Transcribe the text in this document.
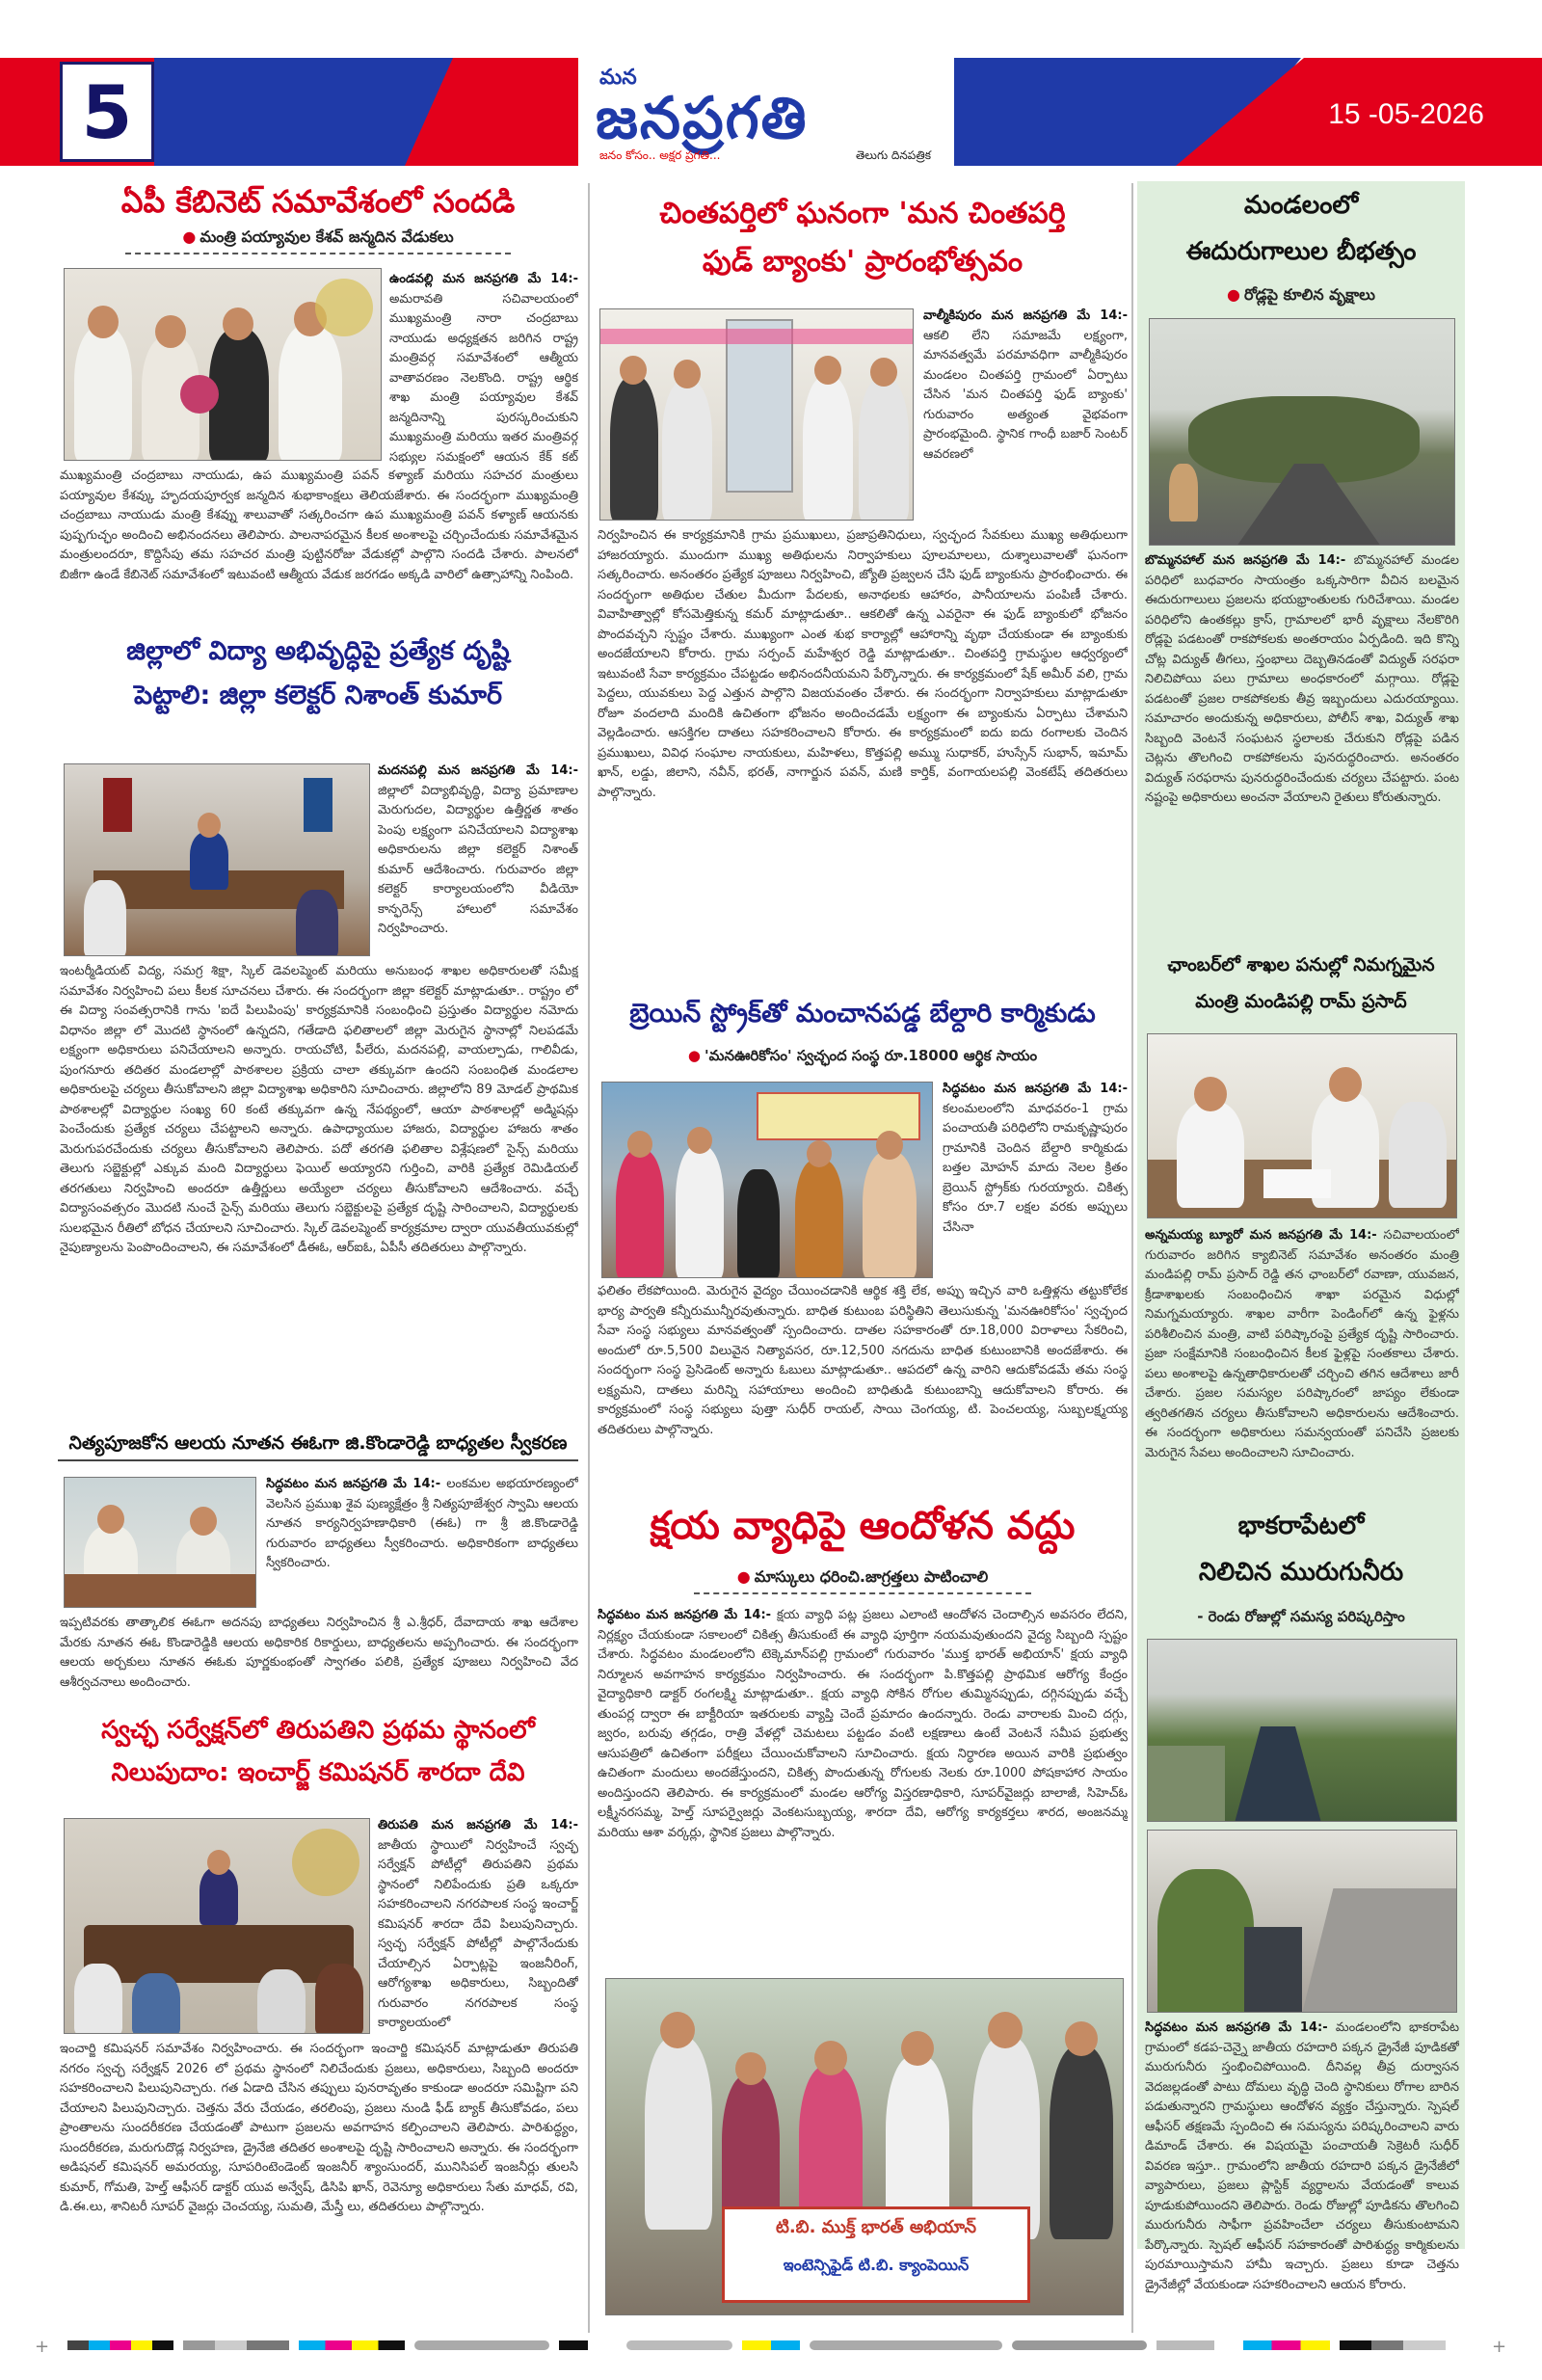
5	మన
జనప్రగతి
జనం కోసం.. అక్షర ప్రగతి...	తెలుగు దినపత్రిక
15 -05-2026
ఏపీ కేబినెట్ సమావేశంలో సందడి
● మంత్రి పయ్యావుల కేశవ్ జన్మదిన వేడుకలు
ఉండవల్లి మన జనప్రగతి మే 14:- అమరావతి సచివాలయంలో ముఖ్యమంత్రి నారా చంద్రబాబు నాయుడు అధ్యక్షతన జరిగిన రాష్ట్ర మంత్రివర్గ సమావేశంలో ఆత్మీయ వాతావరణం నెలకొంది. రాష్ట్ర ఆర్థిక శాఖ మంత్రి పయ్యావుల కేశవ్ జన్మదినాన్ని పురస్కరించుకుని ముఖ్యమంత్రి మరియు ఇతర మంత్రివర్గ సభ్యుల సమక్షంలో ఆయన కేక్ కట్
ముఖ్యమంత్రి చంద్రబాబు నాయుడు, ఉప ముఖ్యమంత్రి పవన్ కళ్యాణ్ మరియు సహచర మంత్రులు పయ్యావుల కేశవ్కు హృదయపూర్వక జన్మదిన శుభాకాంక్షలు తెలియజేశారు. ఈ సందర్భంగా ముఖ్యమంత్రి చంద్రబాబు నాయుడు మంత్రి కేశవ్ను శాలువాతో సత్కరించగా ఉప ముఖ్యమంత్రి పవన్ కళ్యాణ్ ఆయనకు పుష్పగుచ్ఛం అందించి అభినందనలు తెలిపారు. పాలనాపరమైన కీలక అంశాలపై చర్చించేందుకు సమావేశమైన మంత్రులందరూ, కొద్దిసేపు తమ సహచర మంత్రి పుట్టినరోజు వేడుకల్లో పాల్గొని సందడి చేశారు. పాలనలో బిజీగా ఉండే కేబినెట్ సమావేశంలో ఇటువంటి ఆత్మీయ వేడుక జరగడం అక్కడి వారిలో ఉత్సాహాన్ని నింపింది.
జిల్లాలో విద్యా అభివృద్ధిపై ప్రత్యేక దృష్టి
పెట్టాలి: జిల్లా కలెక్టర్ నిశాంత్ కుమార్
మదనపల్లి మన జనప్రగతి మే 14:- జిల్లాలో విద్యాభివృద్ధి, విద్యా ప్రమాణాల మెరుగుదల, విద్యార్థుల ఉత్తీర్ణత శాతం పెంపు లక్ష్యంగా పనిచేయాలని విద్యాశాఖ అధికారులను జిల్లా కలెక్టర్ నిశాంత్ కుమార్ ఆదేశించారు. గురువారం జిల్లా కలెక్టర్ కార్యాలయంలోని వీడియో కాన్ఫరెన్స్ హాలులో సమావేశం నిర్వహించారు.
ఇంటర్మీడియట్ విద్య, సమగ్ర శిక్షా, స్కిల్ డెవలప్మెంట్ మరియు అనుబంధ శాఖల అధికారులతో సమీక్ష సమావేశం నిర్వహించి పలు కీలక సూచనలు చేశారు. ఈ సందర్భంగా జిల్లా కలెక్టర్ మాట్లాడుతూ.. రాష్ట్రం లో ఈ విద్యా సంవత్సరానికి గాను 'ఐదే పిలుపింపు' కార్యక్రమానికి సంబంధించి ప్రస్తుతం విద్యార్థుల నమోదు విధానం జిల్లా లో మొదటి స్థానంలో ఉన్నదని, గతేడాది ఫలితాలలో జిల్లా మెరుగైన స్థానాల్లో నిలపడమే లక్ష్యంగా అధికారులు పనిచేయాలని అన్నారు. రాయచోటి, పీలేరు, మదనపల్లి, వాయల్పాడు, గాలివీడు, పుంగనూరు తదితర మండలాల్లో పాఠశాలల ప్రక్రియ చాలా తక్కువగా ఉందని సంబంధిత మండలాల అధికారులపై చర్యలు తీసుకోవాలని జిల్లా విద్యాశాఖ అధికారిని సూచించారు. జిల్లాలోని 89 మోడల్ ప్రాథమిక పాఠశాలల్లో విద్యార్థుల సంఖ్య 60 కంటే తక్కువగా ఉన్న నేపథ్యంలో, ఆయా పాఠశాలల్లో అడ్మిషన్లు పెంచేందుకు ప్రత్యేక చర్యలు చేపట్టాలని అన్నారు. ఉపాధ్యాయుల హాజరు, విద్యార్థుల హాజరు శాతం మెరుగుపరచేందుకు చర్యలు తీసుకోవాలని తెలిపారు. పదో తరగతి ఫలితాల విశ్లేషణలో సైన్స్ మరియు తెలుగు సబ్జెక్టుల్లో ఎక్కువ మంది విద్యార్థులు ఫెయిల్ అయ్యారని గుర్తించి, వారికి ప్రత్యేక రెమిడియల్ తరగతులు నిర్వహించి అందరూ ఉత్తీర్ణులు అయ్యేలా చర్యలు తీసుకోవాలని ఆదేశించారు. వచ్చే విద్యాసంవత్సరం మొదటి నుంచే సైన్స్ మరియు తెలుగు సబ్జెక్టులపై ప్రత్యేక దృష్టి సారించాలని, విద్యార్థులకు సులభమైన రీతిలో బోధన చేయాలని సూచించారు. స్కిల్ డెవలప్మెంట్ కార్యక్రమాల ద్వారా యువతీయువకుల్లో నైపుణ్యాలను పెంపొందించాలని, ఈ సమావేశంలో డీఈఓ, ఆర్ఐఓ, ఏపీసీ తదితరులు పాల్గొన్నారు.
నిత్యపూజకోన ఆలయ నూతన ఈఓగా జి.కొండారెడ్డి బాధ్యతల స్వీకరణ
సిద్ధవటం మన జనప్రగతి మే 14:- లంకమల అభయారణ్యంలో వెలసిన ప్రముఖ శైవ పుణ్యక్షేత్రం శ్రీ నిత్యపూజేశ్వర స్వామి ఆలయ నూతన కార్యనిర్వహణాధికారి (ఈఓ) గా శ్రీ జి.కొండారెడ్డి గురువారం బాధ్యతలు స్వీకరించారు. అధికారికంగా బాధ్యతలు స్వీకరించారు.
ఇప్పటివరకు తాత్కాలిక ఈఓగా అదనపు బాధ్యతలు నిర్వహించిన శ్రీ ఎ.శ్రీధర్, దేవాదాయ శాఖ ఆదేశాల మేరకు నూతన ఈఓ కొండారెడ్డికి ఆలయ అధికారిక రికార్డులు, బాధ్యతలను అప్పగించారు. ఈ సందర్భంగా ఆలయ అర్చకులు నూతన ఈఓకు పూర్ణకుంభంతో స్వాగతం పలికి, ప్రత్యేక పూజలు నిర్వహించి వేద ఆశీర్వచనాలు అందించారు.
స్వచ్ఛ సర్వేక్షన్‌లో తిరుపతిని ప్రథమ స్థానంలో
నిలుపుదాం: ఇంచార్జ్ కమిషనర్ శారదా దేవి
తిరుపతి మన జనప్రగతి మే 14:- జాతీయ స్థాయిలో నిర్వహించే స్వచ్ఛ సర్వేక్షన్ పోటీల్లో తిరుపతిని ప్రథమ స్థానంలో నిలిపేందుకు ప్రతి ఒక్కరూ సహకరించాలని నగరపాలక సంస్థ ఇంచార్జ్ కమిషనర్ శారదా దేవి పిలుపునిచ్చారు. స్వచ్ఛ సర్వేక్షన్ పోటీల్లో పాల్గొనేందుకు చేయాల్సిన ఏర్పాట్లపై ఇంజనీరింగ్, ఆరోగ్యశాఖ అధికారులు, సిబ్బందితో గురువారం నగరపాలక సంస్థ కార్యాలయంలో
ఇంచార్జి కమిషనర్ సమావేశం నిర్వహించారు. ఈ సందర్భంగా ఇంచార్జి కమిషనర్ మాట్లాడుతూ తిరుపతి నగరం స్వచ్ఛ సర్వేక్షన్ 2026 లో ప్రథమ స్థానంలో నిలిచేందుకు ప్రజలు, అధికారులు, సిబ్బంది అందరూ సహకరించాలని పిలుపునిచ్చారు. గత ఏడాది చేసిన తప్పులు పునరావృతం కాకుండా అందరూ సమిష్టిగా పని చేయాలని పిలుపునిచ్చారు. చెత్తను వేరు చేయడం, తరలింపు, ప్రజలు నుండి ఫీడ్ బ్యాక్ తీసుకోవడం, పలు ప్రాంతాలను సుందరీకరణ చేయడంతో పాటుగా ప్రజలను అవగాహన కల్పించాలని తెలిపారు. పారిశుద్ధ్యం, సుందరీకరణ, మరుగుదొడ్ల నిర్వహణ, డ్రైనేజి తదితర అంశాలపై దృష్టి సారించాలని అన్నారు. ఈ సందర్భంగా అడిషనల్ కమిషనర్ అమరయ్య, సూపరింటెండెంట్ ఇంజనీర్ శ్యాంసుందర్, మునిసిపల్ ఇంజనీర్లు తులసి కుమార్, గోమతి, హెల్త్ ఆఫీసర్ డాక్టర్ యువ అన్వేష్, డిసిపి ఖాన్, రెవెన్యూ అధికారులు సేతు మాధవ్, రవి, డి.ఈ.లు, శానిటరీ సూపర్ వైజర్లు చెంచయ్య, సుమతి, మేస్త్రీ లు, తదితరులు పాల్గొన్నారు.
చింతపర్తిలో ఘనంగా 'మన చింతపర్తి
ఫుడ్ బ్యాంకు' ప్రారంభోత్సవం
వాల్మీకిపురం మన జనప్రగతి మే 14:- ఆకలి లేని సమాజమే లక్ష్యంగా, మానవత్వమే పరమావధిగా వాల్మీకిపురం మండలం చింతపర్తి గ్రామంలో ఏర్పాటు చేసిన 'మన చింతపర్తి ఫుడ్ బ్యాంకు' గురువారం అత్యంత వైభవంగా ప్రారంభమైంది. స్థానిక గాంధీ బజార్ సెంటర్ ఆవరణలో
నిర్వహించిన ఈ కార్యక్రమానికి గ్రామ ప్రముఖులు, ప్రజాప్రతినిధులు, స్వచ్ఛంద సేవకులు ముఖ్య అతిథులుగా హాజరయ్యారు. ముందుగా ముఖ్య అతిథులను నిర్వాహకులు పూలమాలలు, దుశ్శాలువాలతో ఘనంగా సత్కరించారు. అనంతరం ప్రత్యేక పూజలు నిర్వహించి, జ్యోతి ప్రజ్వలన చేసి ఫుడ్ బ్యాంకును ప్రారంభించారు. ఈ సందర్భంగా అతిథుల చేతుల మీదుగా పేదలకు, అనాథలకు ఆహారం, పానీయాలను పంపిణీ చేశారు. వివాహిత్వాల్లో కోసమెత్తికున్న కమర్ మాట్లాడుతూ.. ఆకలితో ఉన్న ఎవరైనా ఈ ఫుడ్ బ్యాంకులో భోజనం పొందవచ్చని స్పష్టం చేశారు. ముఖ్యంగా ఎంత శుభ కార్యాల్లో ఆహారాన్ని వృథా చేయకుండా ఈ బ్యాంకుకు అందజేయాలని కోరారు. గ్రామ సర్పంచ్ మహేశ్వర రెడ్డి మాట్లాడుతూ.. చింతపర్తి గ్రామస్థుల ఆధ్వర్యంలో ఇటువంటి సేవా కార్యక్రమం చేపట్టడం అభినందనీయమని పేర్కొన్నారు. ఈ కార్యక్రమంలో షేక్ అమీర్ వలి, గ్రామ పెద్దలు, యువకులు పెద్ద ఎత్తున పాల్గొని విజయవంతం చేశారు. ఈ సందర్భంగా నిర్వాహకులు మాట్లాడుతూ రోజూ వందలాది మందికి ఉచితంగా భోజనం అందించడమే లక్ష్యంగా ఈ బ్యాంకును ఏర్పాటు చేశామని వెల్లడించారు. ఆసక్తిగల దాతలు సహకరించాలని కోరారు. ఈ కార్యక్రమంలో ఐదు ఐదు రంగాలకు చెందిన ప్రముఖులు, వివిధ సంఘాల నాయకులు, మహిళలు, కొత్తపల్లి అమ్ము సుధాకర్, హుస్సేన్ సుభాన్, ఇమామ్ ఖాన్, లడ్డు, జిలాని, నవీన్, భరత్, నాగార్జున పవన్, మణి కార్తిక్, వంగాయలపల్లి వెంకటేష్ తదితరులు పాల్గొన్నారు.
బ్రెయిన్ స్ట్రోక్‌తో మంచానపడ్డ బేల్దారి కార్మికుడు
● 'మనఊరికోసం' స్వచ్ఛంద సంస్థ రూ.18000 ఆర్థిక సాయం
సిద్ధవటం మన జనప్రగతి మే 14:- కలంమలంలోని మాధవరం-1 గ్రామ పంచాయతీ పరిధిలోని రామకృష్ణాపురం గ్రామానికి చెందిన బేల్దారి కార్మికుడు బత్తల మోహన్ మాదు నెలల క్రితం బ్రెయిన్ స్ట్రోక్‌కు గురయ్యారు. చికిత్స కోసం రూ.7 లక్షల వరకు అప్పులు చేసినా
ఫలితం లేకపోయింది. మెరుగైన వైద్యం చేయించడానికి ఆర్థిక శక్తి లేక, అప్పు ఇచ్చిన వారి ఒత్తిళ్లను తట్టుకోలేక భార్య పార్వతి కన్నీరుమున్నీరవుతున్నారు. బాధిత కుటుంబ పరిస్థితిని తెలుసుకున్న 'మనఊరికోసం' స్వచ్ఛంద సేవా సంస్థ సభ్యులు మానవత్వంతో స్పందించారు. దాతల సహకారంతో రూ.18,000 విరాళాలు సేకరించి, అందులో రూ.5,500 విలువైన నిత్యావసర, రూ.12,500 నగదును బాధిత కుటుంబానికి అందజేశారు. ఈ సందర్భంగా సంస్థ ప్రెసిడెంట్ అన్నారు ఓబులు మాట్లాడుతూ.. ఆపదలో ఉన్న వారిని ఆదుకోవడమే తమ సంస్థ లక్ష్యమని, దాతలు మరిన్ని సహాయాలు అందించి బాధితుడి కుటుంబాన్ని ఆదుకోవాలని కోరారు. ఈ కార్యక్రమంలో సంస్థ సభ్యులు పుత్తా సుధీర్ రాయల్, సాయి చెంగయ్య, టి. పెంచలయ్య, సుబ్బలక్ష్మయ్య తదితరులు పాల్గొన్నారు.
క్షయ వ్యాధిపై ఆందోళన వద్దు
● మాస్కులు ధరించి.జాగ్రత్తలు పాటించాలి
సిద్ధవటం మన జనప్రగతి మే 14:- క్షయ వ్యాధి పట్ల ప్రజలు ఎలాంటి ఆందోళన చెందాల్సిన అవసరం లేదని, నిర్లక్ష్యం చేయకుండా సకాలంలో చికిత్స తీసుకుంటే ఈ వ్యాధి పూర్తిగా నయమవుతుందని వైద్య సిబ్బంది స్పష్టం చేశారు. సిద్ధవటం మండలంలోని టెక్కెమాన్‌పల్లి గ్రామంలో గురువారం 'ముక్త భారత్ అభియాన్' క్షయ వ్యాధి నిర్మూలన అవగాహన కార్యక్రమం నిర్వహించారు. ఈ సందర్భంగా పి.కొత్తపల్లి ప్రాథమిక ఆరోగ్య కేంద్రం వైద్యాధికారి డాక్టర్ రంగలక్ష్మి మాట్లాడుతూ.. క్షయ వ్యాధి సోకిన రోగుల తుమ్మినప్పుడు, దగ్గినప్పుడు వచ్చే తుంపర్ల ద్వారా ఈ బాక్టీరియా ఇతరులకు వ్యాప్తి చెందే ప్రమాదం ఉందన్నారు. రెండు వారాలకు మించి దగ్గు, జ్వరం, బరువు తగ్గడం, రాత్రి వేళల్లో చెమటలు పట్టడం వంటి లక్షణాలు ఉంటే వెంటనే సమీప ప్రభుత్వ ఆసుపత్రిలో ఉచితంగా పరీక్షలు చేయించుకోవాలని సూచించారు. క్షయ నిర్ధారణ అయిన వారికి ప్రభుత్వం ఉచితంగా మందులు అందజేస్తుందని, చికిత్స పొందుతున్న రోగులకు నెలకు రూ.1000 పోషకాహార సాయం అందిస్తుందని తెలిపారు. ఈ కార్యక్రమంలో మండల ఆరోగ్య విస్తరణాధికారి, సూపర్‌వైజర్లు బాలాజీ, సిహెచ్ఓ లక్ష్మీనరసమ్మ, హెల్త్ సూపర్వైజర్లు వెంకటసుబ్బయ్య, శారదా దేవి, ఆరోగ్య కార్యకర్తలు శారద, అంజనమ్మ మరియు ఆశా వర్కర్లు, స్థానిక ప్రజలు పాల్గొన్నారు.
టి.బి. ముక్త్ భారత్ అభియాన్
ఇంటెన్సిఫైడ్ టి.బి. క్యాంపెయిన్
మండలంలో
ఈదురుగాలుల బీభత్సం
● రోడ్లపై కూలిన వృక్షాలు
బొమ్మనహాల్ మన జనప్రగతి మే 14:- బొమ్మనహాల్ మండల పరిధిలో బుధవారం సాయంత్రం ఒక్కసారిగా వీచిన బలమైన ఈదురుగాలులు ప్రజలను భయభ్రాంతులకు గురిచేశాయి. మండల పరిధిలోని ఉంతకల్లు క్రాస్, గ్రామాలలో భారీ వృక్షాలు నేలకొరిగి రోడ్లపై పడటంతో రాకపోకలకు అంతరాయం ఏర్పడింది. ఇది కొన్ని చోట్ల విద్యుత్ తీగలు, స్తంభాలు దెబ్బతినడంతో విద్యుత్ సరఫరా నిలిచిపోయి పలు గ్రామాలు అంధకారంలో మగ్గాయి. రోడ్లపై పడటంతో ప్రజల రాకపోకలకు తీవ్ర ఇబ్బందులు ఎదురయ్యాయి. సమాచారం అందుకున్న అధికారులు, పోలీస్ శాఖ, విద్యుత్ శాఖ సిబ్బంది వెంటనే సంఘటన స్థలాలకు చేరుకుని రోడ్లపై పడిన చెట్లను తొలగించి రాకపోకలను పునరుద్ధరించారు. అనంతరం విద్యుత్ సరఫరాను పునరుద్ధరించేందుకు చర్యలు చేపట్టారు. పంట నష్టంపై అధికారులు అంచనా వేయాలని రైతులు కోరుతున్నారు.
ఛాంబర్‌లో శాఖల పనుల్లో నిమగ్నమైన
మంత్రి మండిపల్లి రామ్ ప్రసాద్
అన్నమయ్య బ్యూరో మన జనప్రగతి మే 14:- సచివాలయంలో గురువారం జరిగిన క్యాబినెట్ సమావేశం అనంతరం మంత్రి మండిపల్లి రామ్ ప్రసాద్ రెడ్డి తన ఛాంబర్‌లో రవాణా, యువజన, క్రీడాశాఖలకు సంబంధించిన శాఖా పరమైన విధుల్లో నిమగ్నమయ్యారు. శాఖల వారీగా పెండింగ్‌లో ఉన్న ఫైళ్లను పరిశీలించిన మంత్రి, వాటి పరిష్కారంపై ప్రత్యేక దృష్టి సారించారు. ప్రజా సంక్షేమానికి సంబంధించిన కీలక ఫైళ్లపై సంతకాలు చేశారు. పలు అంశాలపై ఉన్నతాధికారులతో చర్చించి తగిన ఆదేశాలు జారీ చేశారు. ప్రజల సమస్యల పరిష్కారంలో జాప్యం లేకుండా త్వరితగతిన చర్యలు తీసుకోవాలని అధికారులను ఆదేశించారు. ఈ సందర్భంగా అధికారులు సమన్వయంతో పనిచేసి ప్రజలకు మెరుగైన సేవలు అందించాలని సూచించారు.
భాకరాపేటలో
నిలిచిన మురుగునీరు
- రెండు రోజుల్లో సమస్య పరిష్కరిస్తాం
సిద్ధవటం మన జనప్రగతి మే 14:- మండలంలోని భాకరాపేట గ్రామంలో కడప-చెన్నై జాతీయ రహదారి పక్కన డ్రైనేజీ పూడికతో మురుగునీరు స్తంభించిపోయింది. దీనివల్ల తీవ్ర దుర్వాసన వెదజల్లడంతో పాటు దోమలు వృద్ధి చెంది స్థానికులు రోగాల బారిన పడుతున్నారని గ్రామస్థులు ఆందోళన వ్యక్తం చేస్తున్నారు. స్పెషల్ ఆఫీసర్ తక్షణమే స్పందించి ఈ సమస్యను పరిష్కరించాలని వారు డిమాండ్ చేశారు. ఈ విషయమై పంచాయతీ సెక్రెటరీ సుధీర్ వివరణ ఇస్తూ.. గ్రామంలోని జాతీయ రహదారి పక్కన డ్రైనేజీలో వ్యాపారులు, ప్రజలు ప్లాస్టిక్ వ్యర్థాలను వేయడంతో కాలువ పూడుకుపోయిందని తెలిపారు. రెండు రోజుల్లో పూడికను తొలగించి మురుగునీరు సాఫీగా ప్రవహించేలా చర్యలు తీసుకుంటామని పేర్కొన్నారు. స్పెషల్ ఆఫీసర్ సహకారంతో పారిశుద్ధ్య కార్మికులను పురమాయిస్తామని హామీ ఇచ్చారు. ప్రజలు కూడా చెత్తను డ్రైనేజీల్లో వేయకుండా సహకరించాలని ఆయన కోరారు.
+	+
